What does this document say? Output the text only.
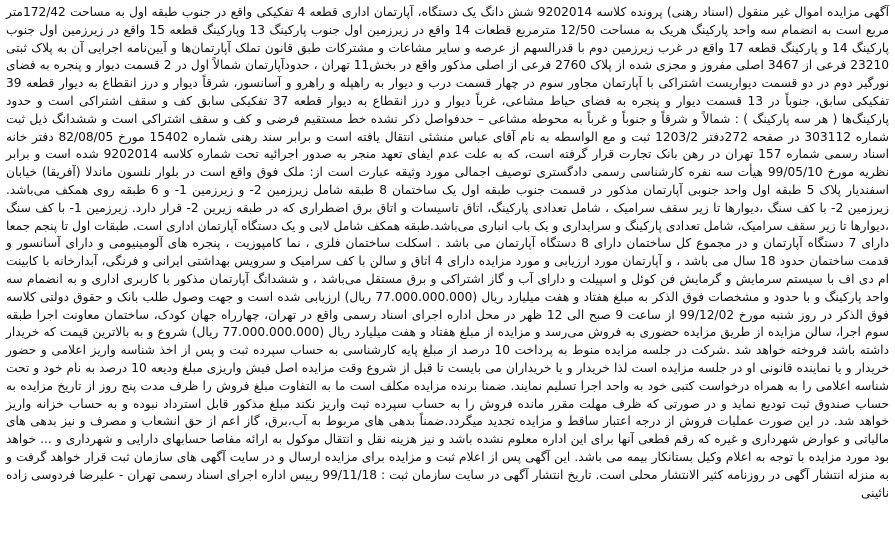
آگهی مزایده اموال غیر منقول (اسناد رهنی) پرونده کلاسه 9202014 شش دانگ یک دستگاه، آپارتمان اداری قطعه 4 تفکیکی واقع در جنوب طبقه اول به مساحت 172/42متر مربع است به انضمام سه واحد پارکینگ هریک به مساحت 12/50 مترمربع قطعات 14 واقع در زیرزمین اول جنوب پارکینگ 13 وپارکینگ قطعه 15 واقع در زیرزمین اول جنوب پارکینگ 14 و پارکینگ قطعه 17 واقع در غرب زیرزمین دوم با قدرالسهم از عرصه و سایر مشاعات و مشترکات طبق قانون تملک آپارتمان‌ها و آیین‌نامه اجرایی آن به پلاک ثبتی 23210 فرعی از 3467 اصلی مفروز و مجزی شده از پلاک 2760 فرعی از اصلی مذکور واقع در بخش11 تهران ، حدودآپارتمان شمالاً اول در 2 قسمت دیوار و پنجره به فضای نورگیر دوم در دو قسمت دیواریست اشتراکی با آپارتمان مجاور سوم در چهار قسمت درب و دیوار به راهپله و راهرو و آسانسور، شرقاً دیوار و درز انقطاع به دیوار قطعه 39 تفکیکی سابق، جنوباً در 13 قسمت دیوار و پنجره به فضای حیاط مشاعی، غرباً دیوار و درز انقطاع به دیوار قطعه 37 تفکیکی سابق کف و سقف اشتراکی است و حدود پارکینگ‌ها ( هر سه پارکینگ ) : شمالاً و شرقاً و جنوباً و غرباً به محوطه مشاعی – حدفواصل ذکر نشده خط مستقیم فرضی و کف و سقف اشتراکی است و ششدانگ ذیل ثبت شماره 303112 در صفحه 272دفتر 1203/2 ثبت و مع الواسطه به نام آقای عباس منشئی انتقال یافته است و برابر سند رهنی شماره 15402 مورخ 82/08/05 دفتر خانه اسناد رسمی شماره 157 تهران در رهن بانک تجارت قرار گرفته است، که به علت عدم ایفای تعهد منجر به صدور اجرائیه تحت شماره کلاسه 9202014 شده است و برابر نظریه مورخ 99/05/10 هیأت سه نفره کارشناسی رسمی دادگستری توصیف اجمالی مورد وثیقه عبارت است از: ملک فوق واقع است در بلوار نلسون ماندلا (آفریقا) خیابان اسفندیار پلاک 5 طبقه اول واحد جنوبی آپارتمان مذکور در قسمت جنوب طبقه اول یک ساختمان 8 طبقه شامل زیرزمین 2- و زیرزمین 1- و 6 طبقه روی همکف می‌باشد. زیرزمین 2- با کف سنگ ،دیوارها تا زیر سقف سرامیک ، شامل تعدادی پارکینگ، اتاق تاسیسات و اتاق برق اضطراری که در طبقه زیرین 2- قرار دارد. زیرزمین 1- با کف سنگ ،دیوارها تا زیر سقف سرامیک، شامل تعدادی پارکینگ و سرایداری و یک باب انباری می‌باشد.طبقه همکف شامل لابی و یک دستگاه آپارتمان اداری است. طبقات اول تا پنجم جمعا دارای 7 دستگاه آپارتمان و در مجموع کل ساختمان دارای 8 دستگاه آپارتمان می باشد . اسکلت ساختمان فلزی ، نما کامپوزیت ، پنجره های آلومینیومی و دارای آسانسور و قدمت ساختمان حدود 18 سال می باشد ، و آپارتمان مورد ارزیابی و مورد مزایده دارای 4 اتاق و سالن با کف سرامیک و سرویس بهداشتی ایرانی و فرنگی، آبدارخانه با کابینت ام دی اف با سیستم سرمایش و گرمایش فن کوئل و اسپیلت و دارای آب و گاز اشتراکی و برق مستقل می‌باشد ، و ششدانگ آپارتمان مذکور با کاربری اداری و به انضمام سه واحد پارکینگ و با حدود و مشخصات فوق الذکر به مبلغ هفتاد و هفت میلیارد ریال (77.000.000.000 ریال) ارزیابی شده است و جهت وصول طلب بانک و حقوق دولتی کلاسه فوق الذکر در روز شنبه مورخ 99/12/02 از ساعت 9 صبح الی 12 ظهر در محل اداره اجرای اسناد رسمی واقع در تهران، چهارراه جهان کودک، ساختمان معاونت اجرا طبقه سوم اجرا، سالن مزایده از طریق مزایده حضوری به فروش می‌رسد و مزایده از مبلغ هفتاد و هفت میلیارد ریال (77.000.000.000 ریال) شروع و به بالاترین قیمت که خریدار داشته باشد فروخته خواهد شد .شرکت در جلسه مزایده منوط به پرداخت 10 درصد از مبلغ پایه کارشناسی به حساب سپرده ثبت و پس از اخذ شناسه واریز اعلامی و حضور خریدار و یا نماینده قانونی او در جلسه مزایده است لذا خریدار و یا خریداران می بایست تا قبل از شروع وقت مزایده اصل فیش واریزی مبلغ ودیعه 10 درصد به نام خود و تحت شناسه اعلامی را به همراه درخواست کتبی خود به واحد اجرا تسلیم نمایند. ضمنا برنده مزایده مکلف است ما به التفاوت مبلغ فروش را ظرف مدت پنج روز از تاریخ مزایده به حساب صندوق ثبت تودیع نماید و در صورتی که ظرف مهلت مقرر مانده فروش را به حساب سپرده ثبت واریز نکند مبلغ مذکور قابل استرداد نبوده و به حساب خزانه واریز خواهد شد. در این صورت عملیات فروش از درجه اعتبار ساقط و مزایده تجدید میگردد.ضمناً بدهی های مربوط به آب،برق، گاز اعم از حق انشعاب و مصرف و نیز بدهی های مالیاتی و عوارض شهرداری و غیره که رقم قطعی آنها برای این اداره معلوم نشده باشد و نیز هزینه نقل و انتقال موکول به ارائه مفاصا حسابهای دارایی و شهرداری و ... خواهد بود مورد مزایده با توجه به اعلام وکیل بستانکار بیمه می باشد. این آگهی پس از اعلام ثبت و مزایده برای مزایده ارسال و در سایت آگهی های سازمان ثبت قرار خواهد گرفت و به منزله انتشار آگهی در روزنامه کثیر الانتشار محلی است. تاریخ انتشار آگهی در سایت سازمان ثبت : 99/11/18 رییس اداره اجرای اسناد رسمی تهران - علیرضا فردوسی زاده نائینی
